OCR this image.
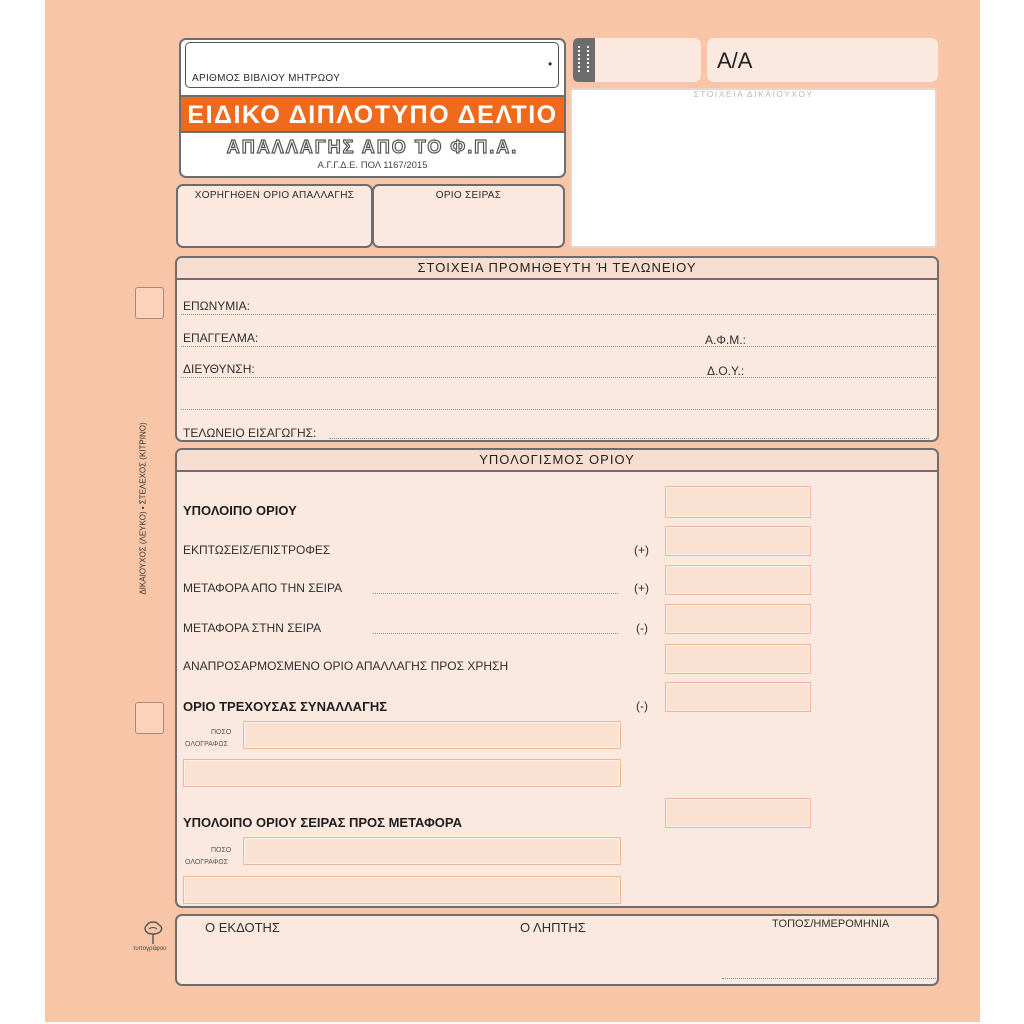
ΑΡΙΘΜΟΣ ΒΙΒΛΙΟΥ ΜΗΤΡΩΟΥ
•
ΕΙΔΙΚΟ ΔΙΠΛΟΤΥΠΟ ΔΕΛΤΙΟ
ΑΠΑΛΛΑΓΗΣ ΑΠΟ ΤΟ Φ.Π.Α.
Α.Γ.Γ.Δ.Ε. ΠΟΛ 1167/2015
ΧΟΡΗΓΗΘΕΝ ΟΡΙΟ ΑΠΑΛΛΑΓΗΣ	ΟΡΙΟ ΣΕΙΡΑΣ
Α/Α
ΣΤΟΙΧΕΙΑ ΔΙΚΑΙΟΥΧΟΥ
ΣΤΟΙΧΕΙΑ ΠΡΟΜΗΘΕΥΤΗ Ή ΤΕΛΩΝΕΙΟΥ
ΕΠΩΝΥΜΙΑ:
ΕΠΑΓΓΕΛΜΑ:	Α.Φ.Μ.:
ΔΙΕΥΘΥΝΣΗ:	Δ.Ο.Υ.:
ΤΕΛΩΝΕΙΟ ΕΙΣΑΓΩΓΗΣ:
ΥΠΟΛΟΓΙΣΜΟΣ ΟΡΙΟΥ
ΥΠΟΛΟΙΠΟ ΟΡΙΟΥ
ΕΚΠΤΩΣΕΙΣ/ΕΠΙΣΤΡΟΦΕΣ	(+)
ΜΕΤΑΦΟΡΑ ΑΠΟ ΤΗΝ ΣΕΙΡΑ	(+)
ΜΕΤΑΦΟΡΑ ΣΤΗΝ ΣΕΙΡΑ	(-)
ΑΝΑΠΡΟΣΑΡΜΟΣΜΕΝΟ ΟΡΙΟ ΑΠΑΛΛΑΓΗΣ ΠΡΟΣ ΧΡΗΣΗ
ΟΡΙΟ ΤΡΕΧΟΥΣΑΣ ΣΥΝΑΛΛΑΓΗΣ	(-)
ΠΟΣΟ
ΟΛΟΓΡΑΦΩΣ
ΥΠΟΛΟΙΠΟ ΟΡΙΟΥ ΣΕΙΡΑΣ ΠΡΟΣ ΜΕΤΑΦΟΡΑ
ΠΟΣΟ
ΟΛΟΓΡΑΦΩΣ
Ο ΕΚΔΟΤΗΣ	Ο ΛΗΠΤΗΣ	ΤΟΠΟΣ/ΗΜΕΡΟΜΗΝΙΑ
ΔΙΚΑΙΟΥΧΟΣ (ΛΕΥΚΟ) • ΣΤΕΛΕΧΟΣ (ΚΙΤΡΙΝΟ)
τυπογράφου
